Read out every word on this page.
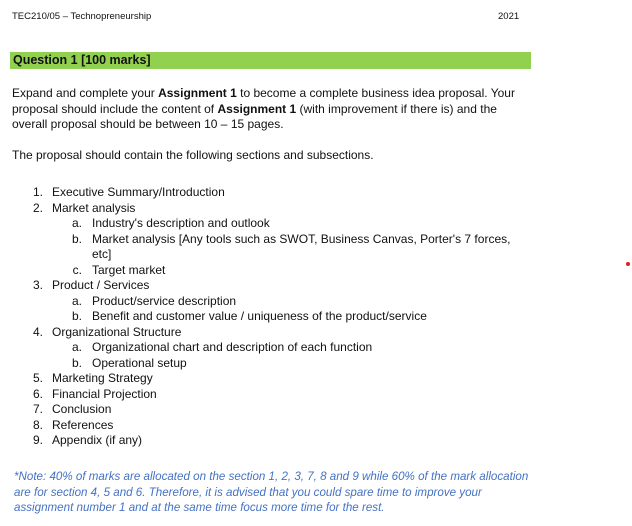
TEC210/05 – Technopreneurship	2021
Question 1 [100 marks]
Expand and complete your Assignment 1 to become a complete business idea proposal. Your proposal should include the content of Assignment 1 (with improvement if there is) and the overall proposal should be between 10 – 15 pages.
The proposal should contain the following sections and subsections.
1. Executive Summary/Introduction
2. Market analysis
a. Industry's description and outlook
b. Market analysis [Any tools such as SWOT, Business Canvas, Porter's 7 forces, etc]
c. Target market
3. Product / Services
a. Product/service description
b. Benefit and customer value / uniqueness of the product/service
4. Organizational Structure
a. Organizational chart and description of each function
b. Operational setup
5. Marketing Strategy
6. Financial Projection
7. Conclusion
8. References
9. Appendix (if any)
*Note: 40% of marks are allocated on the section 1, 2, 3, 7, 8 and 9 while 60% of the mark allocation are for section 4, 5 and 6. Therefore, it is advised that you could spare time to improve your assignment number 1 and at the same time focus more time for the rest.
